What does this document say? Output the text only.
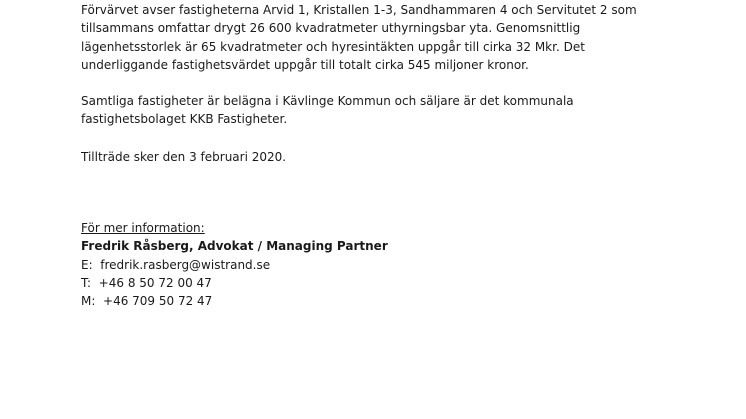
Förvärvet avser fastigheterna Arvid 1, Kristallen 1-3, Sandhammaren 4 och Servitutet 2 som
tillsammans omfattar drygt 26 600 kvadratmeter uthyrningsbar yta. Genomsnittlig
lägenhetsstorlek är 65 kvadratmeter och hyresintäkten uppgår till cirka 32 Mkr. Det
underliggande fastighetsvärdet uppgår till totalt cirka 545 miljoner kronor.

Samtliga fastigheter är belägna i Kävlinge Kommun och säljare är det kommunala
fastighetsbolaget KKB Fastigheter.

Tillträde sker den 3 februari 2020.

För mer information:
Fredrik Råsberg, Advokat / Managing Partner
E:  fredrik.rasberg@wistrand.se
T:  +46 8 50 72 00 47
M:  +46 709 50 72 47
